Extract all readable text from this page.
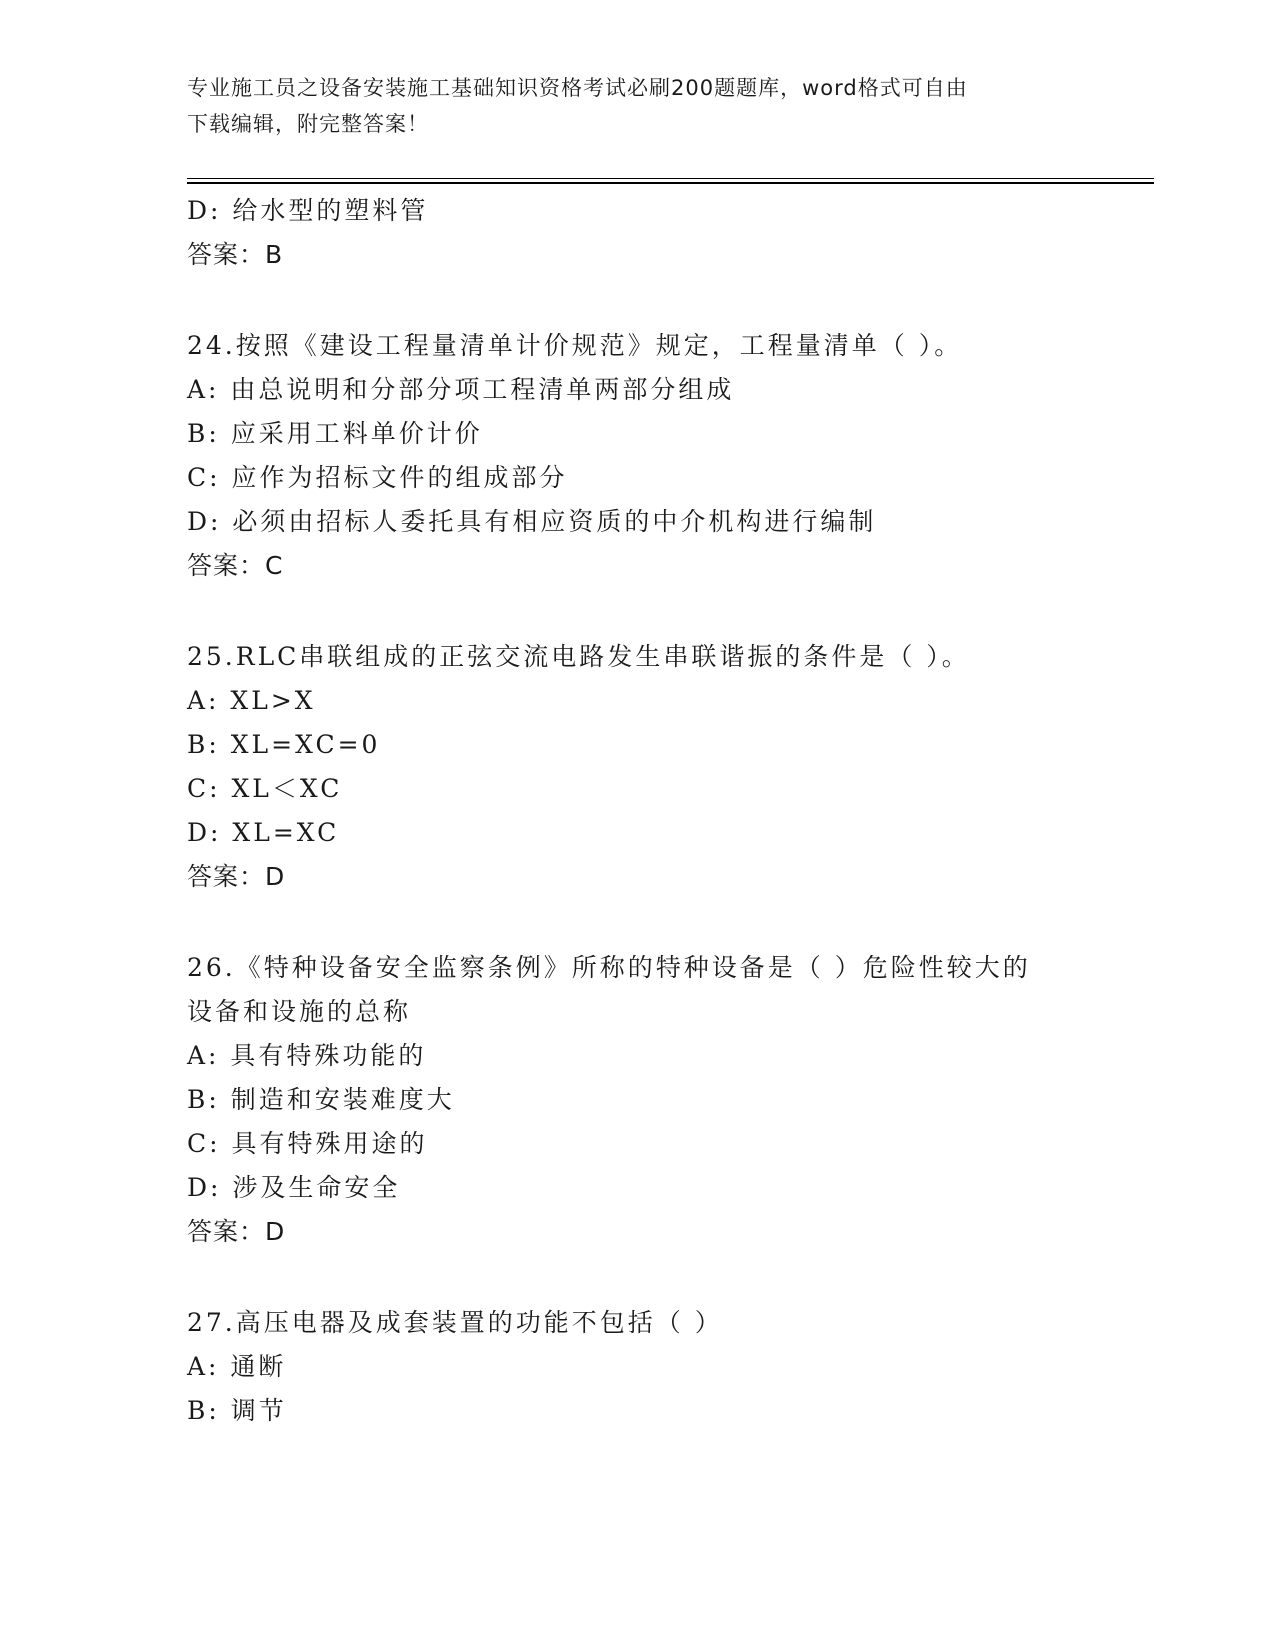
专业施工员之设备安装施工基础知识资格考试必刷200题题库，word格式可自由
下载编辑，附完整答案！
D: 给水型的塑料管
答案：B
24.按照《建设工程量清单计价规范》规定，工程量清单（ ）。
A: 由总说明和分部分项工程清单两部分组成
B: 应采用工料单价计价
C: 应作为招标文件的组成部分
D: 必须由招标人委托具有相应资质的中介机构进行编制
答案：C
25.RLC串联组成的正弦交流电路发生串联谐振的条件是（ ）。
A: XL>X
B: XL=XC=0
C: XL＜XC
D: XL=XC
答案：D
26.《特种设备安全监察条例》所称的特种设备是（ ）危险性较大的
设备和设施的总称
A: 具有特殊功能的
B: 制造和安装难度大
C: 具有特殊用途的
D: 涉及生命安全
答案：D
27.高压电器及成套装置的功能不包括（ ）
A: 通断
B: 调节
